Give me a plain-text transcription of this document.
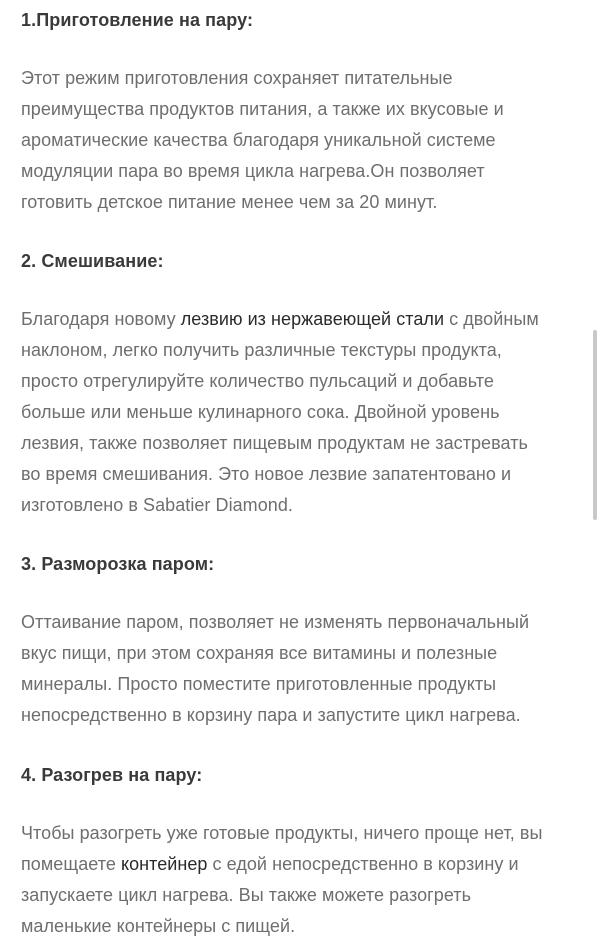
1.Приготовление на пару:

Этот режим приготовления сохраняет питательные
преимущества продуктов питания, а также их вкусовые и
ароматические качества благодаря уникальной системе
модуляции пара во время цикла нагрева.Он позволяет
готовить детское питание менее чем за 20 минут.

2. Смешивание:

Благодаря новому лезвию из нержавеющей стали с двойным
наклоном, легко получить различные текстуры продукта,
просто отрегулируйте количество пульсаций и добавьте
больше или меньше кулинарного сока. Двойной уровень
лезвия, также позволяет пищевым продуктам не застревать
во время смешивания. Это новое лезвие запатентовано и
изготовлено в Sabatier Diamond.

3. Разморозка паром:

Оттаивание паром, позволяет не изменять первоначальный
вкус пищи, при этом сохраняя все витамины и полезные
минералы. Просто поместите приготовленные продукты
непосредственно в корзину пара и запустите цикл нагрева.

4. Разогрев на пару:

Чтобы разогреть уже готовые продукты, ничего проще нет, вы
помещаете контейнер с едой непосредственно в корзину и
запускаете цикл нагрева. Вы также можете разогреть
маленькие контейнеры с пищей.
